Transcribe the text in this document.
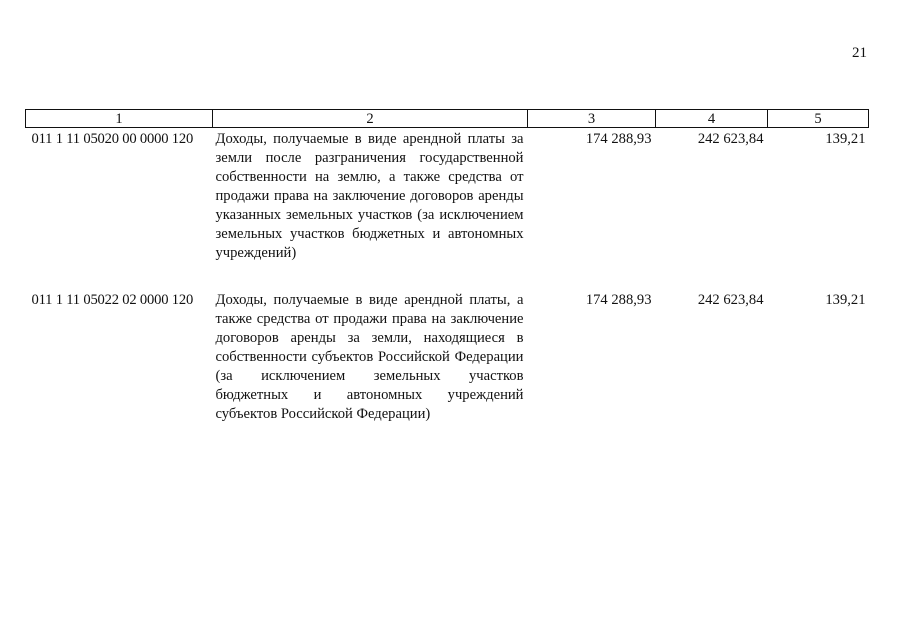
21
1	2	3	4	5
011 1 11 05020 00 0000 120	Доходы, получаемые в виде арендной платы за земли после разграничения государственной собственности на землю, а также средства от продажи права на заключение договоров аренды указанных земельных участков (за исключением земельных участков бюджетных и автономных учреждений)	174 288,93	242 623,84	139,21
011 1 11 05022 02 0000 120	Доходы, получаемые в виде арендной платы, а также средства от продажи права на заключение договоров аренды за земли, находящиеся в собственности субъектов Российской Федерации (за исключением земельных участков бюджетных и автономных учреждений субъектов Российской Федерации)	174 288,93	242 623,84	139,21
